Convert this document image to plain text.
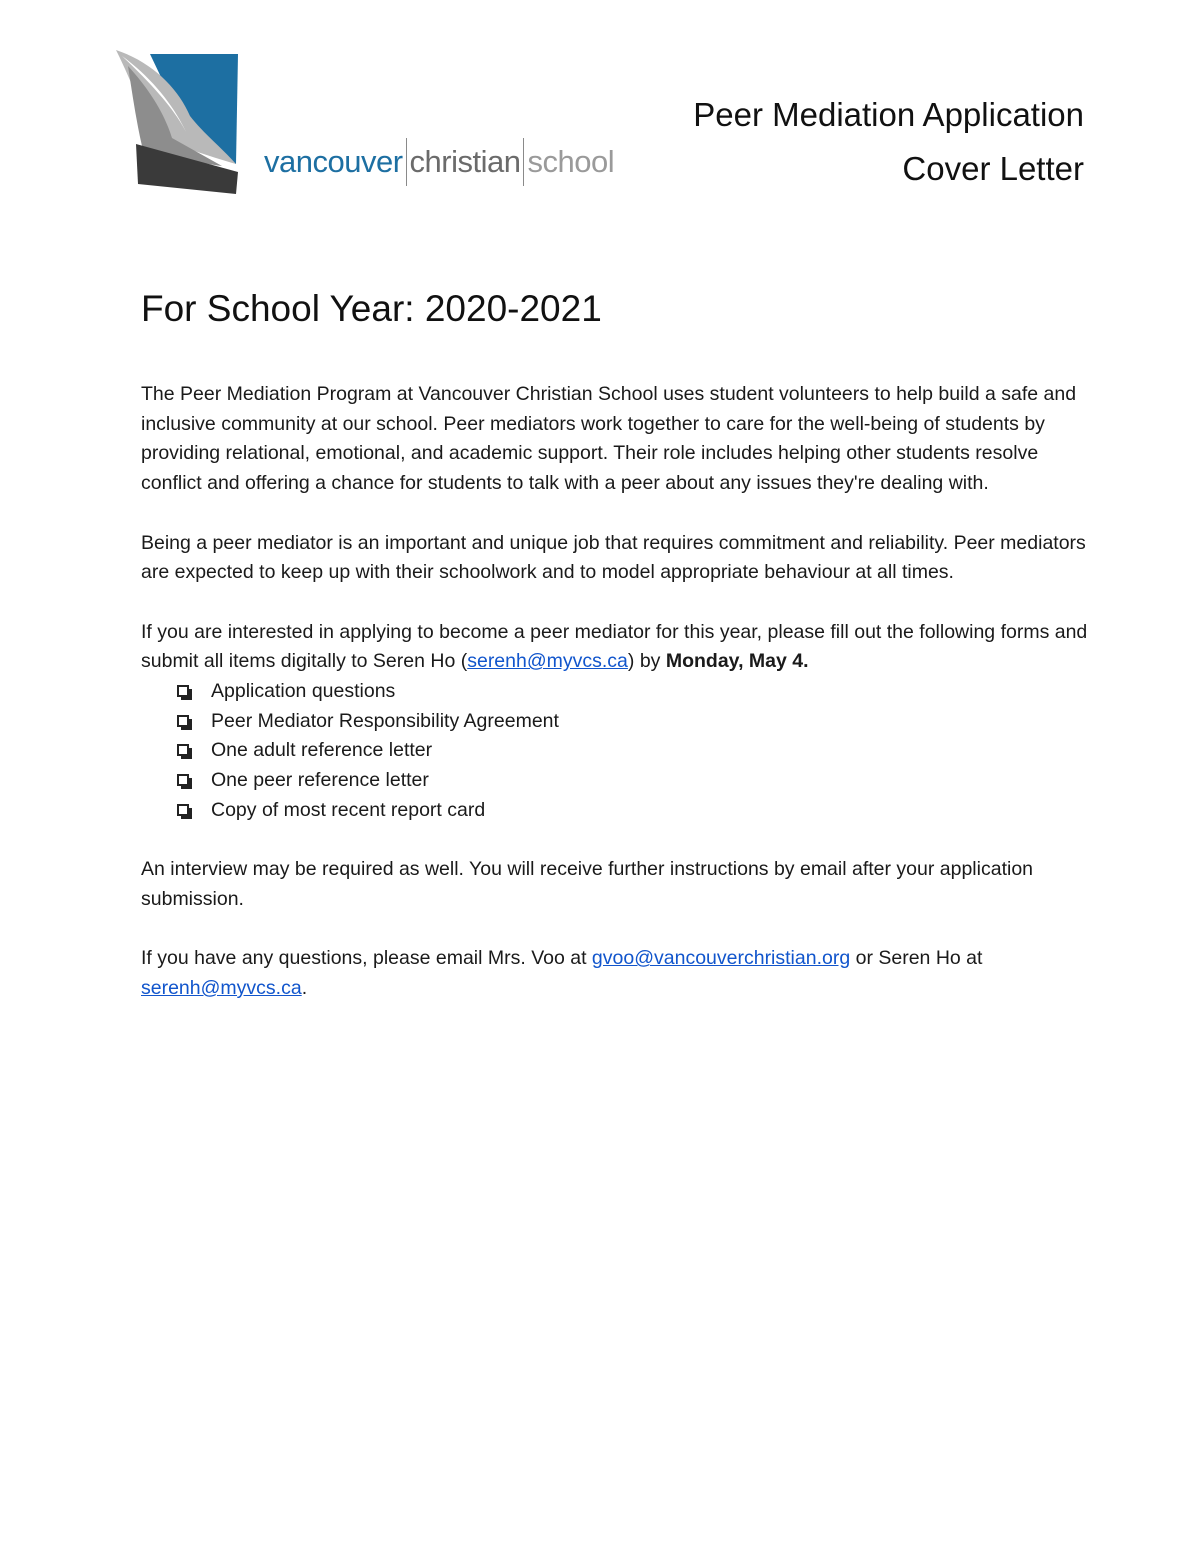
vancouver christian school
Peer Mediation Application
Cover Letter
For School Year: 2020-2021

The Peer Mediation Program at Vancouver Christian School uses student volunteers to help build a safe and inclusive community at our school. Peer mediators work together to care for the well-being of students by providing relational, emotional, and academic support. Their role includes helping other students resolve conflict and offering a chance for students to talk with a peer about any issues they're dealing with.

Being a peer mediator is an important and unique job that requires commitment and reliability. Peer mediators are expected to keep up with their schoolwork and to model appropriate behaviour at all times.

If you are interested in applying to become a peer mediator for this year, please fill out the following forms and submit all items digitally to Seren Ho (serenh@myvcs.ca) by Monday, May 4.

Application questions
Peer Mediator Responsibility Agreement
One adult reference letter
One peer reference letter
Copy of most recent report card

An interview may be required as well. You will receive further instructions by email after your application submission.

If you have any questions, please email Mrs. Voo at gvoo@vancouverchristian.org or Seren Ho at serenh@myvcs.ca.
